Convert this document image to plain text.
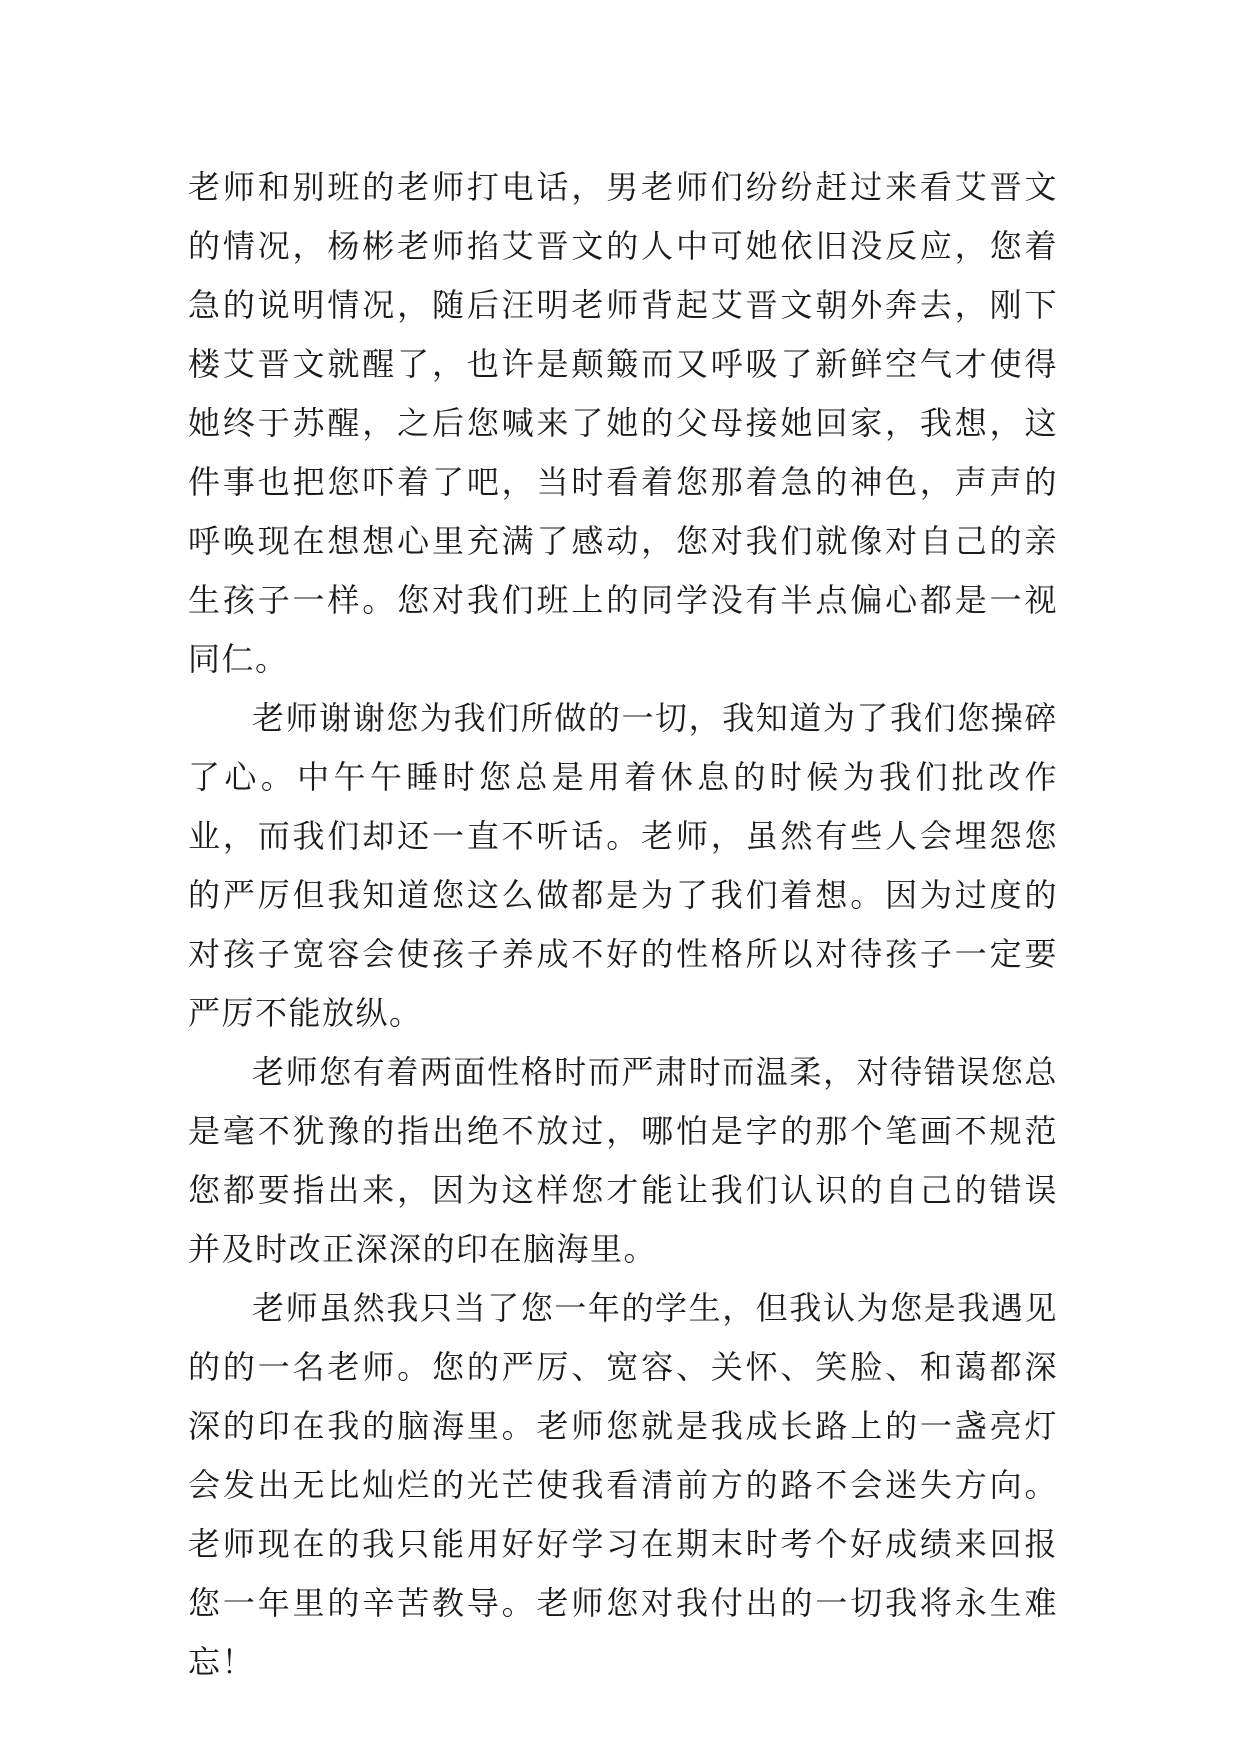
老师和别班的老师打电话，男老师们纷纷赶过来看艾晋文的情况，杨彬老师掐艾晋文的人中可她依旧没反应，您着急的说明情况，随后汪明老师背起艾晋文朝外奔去，刚下楼艾晋文就醒了，也许是颠簸而又呼吸了新鲜空气才使得她终于苏醒，之后您喊来了她的父母接她回家，我想，这件事也把您吓着了吧，当时看着您那着急的神色，声声的呼唤现在想想心里充满了感动，您对我们就像对自己的亲生孩子一样。您对我们班上的同学没有半点偏心都是一视同仁。

老师谢谢您为我们所做的一切，我知道为了我们您操碎了心。中午午睡时您总是用着休息的时候为我们批改作业，而我们却还一直不听话。老师，虽然有些人会埋怨您的严厉但我知道您这么做都是为了我们着想。因为过度的对孩子宽容会使孩子养成不好的性格所以对待孩子一定要严厉不能放纵。

老师您有着两面性格时而严肃时而温柔，对待错误您总是毫不犹豫的指出绝不放过，哪怕是字的那个笔画不规范您都要指出来，因为这样您才能让我们认识的自己的错误并及时改正深深的印在脑海里。

老师虽然我只当了您一年的学生，但我认为您是我遇见的的一名老师。您的严厉、宽容、关怀、笑脸、和蔼都深深的印在我的脑海里。老师您就是我成长路上的一盏亮灯会发出无比灿烂的光芒使我看清前方的路不会迷失方向。老师现在的我只能用好好学习在期末时考个好成绩来回报您一年里的辛苦教导。老师您对我付出的一切我将永生难忘！
